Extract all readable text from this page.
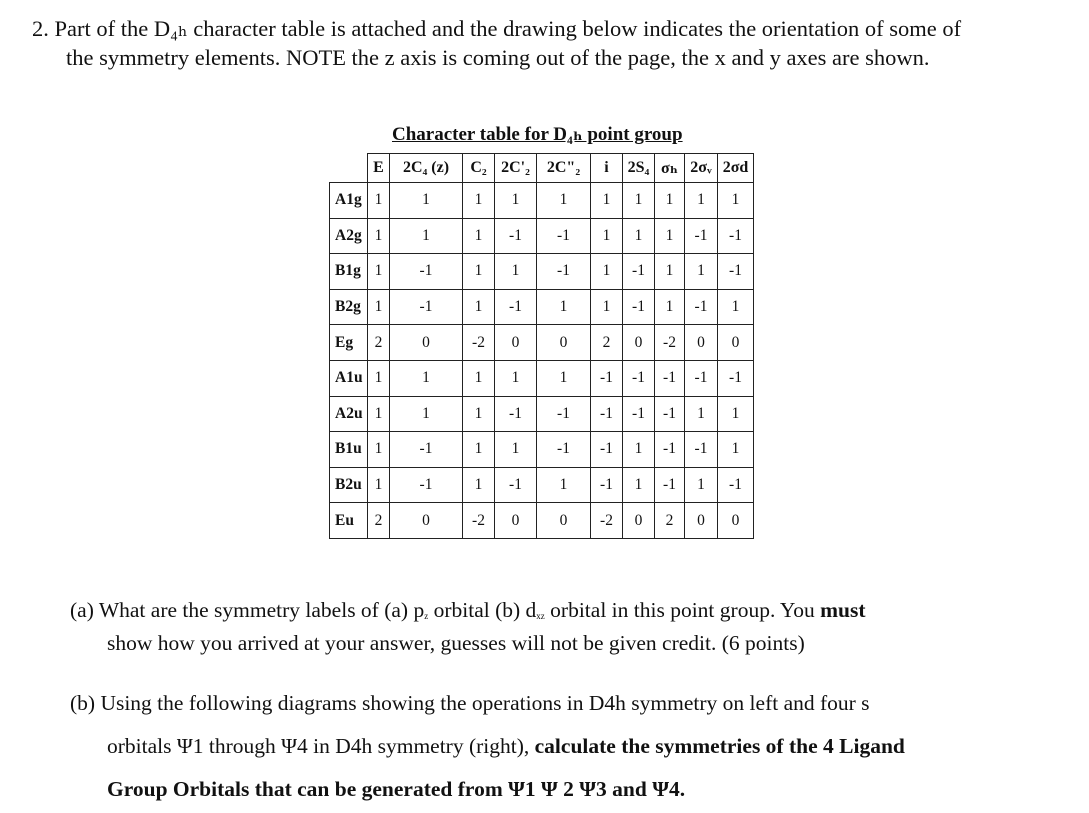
2. Part of the D₄ₕ character table is attached and the drawing below indicates the orientation of some of
the symmetry elements. NOTE the z axis is coming out of the page, the x and y axes are shown.
Character table for D₄ₕ point group
	E	2C₄ (z)	C₂	2C'₂	2C"₂	i	2S₄	σₕ	2σᵥ	2σd
A1g	1	1	1	1	1	1	1	1	1	1
A2g	1	1	1	-1	-1	1	1	1	-1	-1
B1g	1	-1	1	1	-1	1	-1	1	1	-1
B2g	1	-1	1	-1	1	1	-1	1	-1	1
Eg	2	0	-2	0	0	2	0	-2	0	0
A1u	1	1	1	1	1	-1	-1	-1	-1	-1
A2u	1	1	1	-1	-1	-1	-1	-1	1	1
B1u	1	-1	1	1	-1	-1	1	-1	-1	1
B2u	1	-1	1	-1	1	-1	1	-1	1	-1
Eu	2	0	-2	0	0	-2	0	2	0	0
(a) What are the symmetry labels of (a) $p_z$ orbital (b) $d_{xz}$ orbital in this point group. You must
show how you arrived at your answer, guesses will not be given credit. (6 points)
(b) Using the following diagrams showing the operations in D4h symmetry on left and four s
orbitals Ψ1 through Ψ4 in D4h symmetry (right), calculate the symmetries of the 4 Ligand
Group Orbitals that can be generated from Ψ1 Ψ 2 Ψ3 and Ψ4.
